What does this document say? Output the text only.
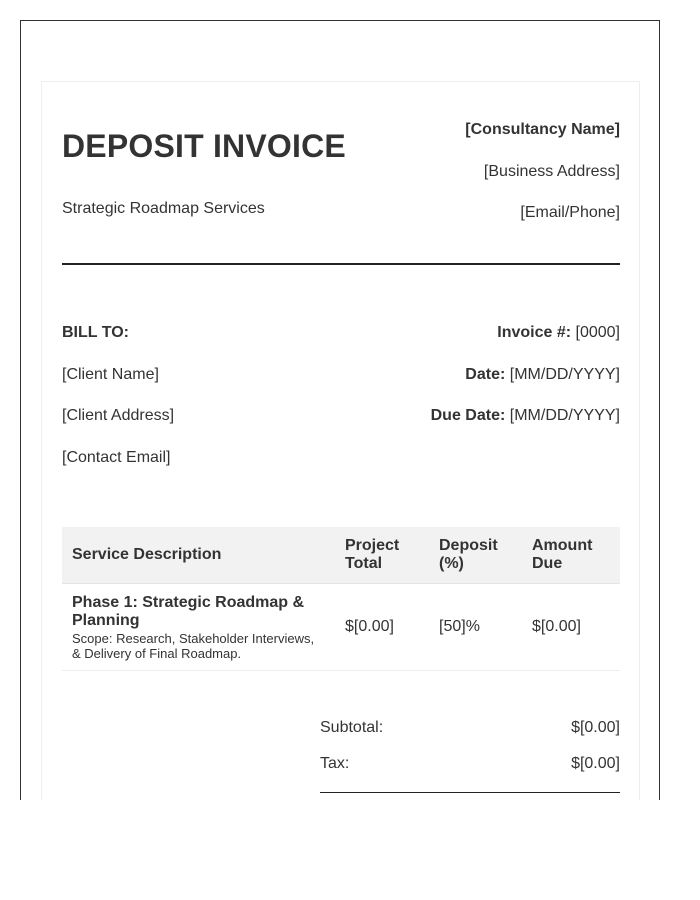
DEPOSIT INVOICE
Strategic Roadmap Services
[Consultancy Name]
[Business Address]
[Email/Phone]
BILL TO:
[Client Name]
[Client Address]
[Contact Email]
Invoice #: [0000]
Date: [MM/DD/YYYY]
Due Date: [MM/DD/YYYY]
Service Description	Project Total	Deposit (%)	Amount Due

Phase 1: Strategic Roadmap & Planning
Scope: Research, Stakeholder Interviews, & Delivery of Final Roadmap.	$[0.00]	[50]%	$[0.00]
Subtotal:	$[0.00]
Tax:	$[0.00]
